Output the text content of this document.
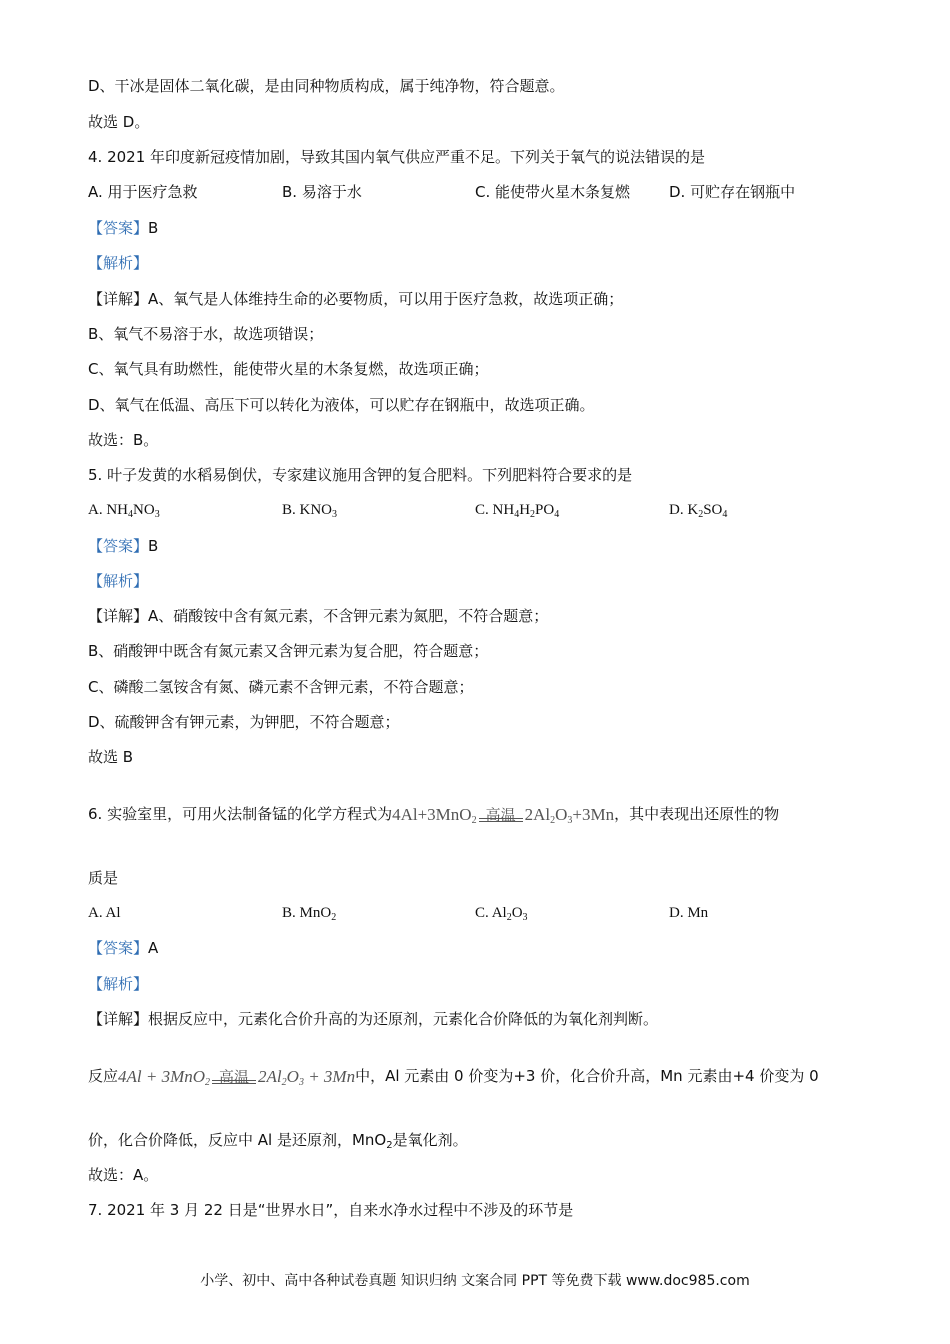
D、干冰是固体二氧化碳，是由同种物质构成，属于纯净物，符合题意。
故选 D。
4. 2021 年印度新冠疫情加剧，导致其国内氧气供应严重不足。下列关于氧气的说法错误的是
A. 用于医疗急救	B. 易溶于水	C. 能使带火星木条复燃	D. 可贮存在钢瓶中
【答案】B
【解析】
【详解】A、氧气是人体维持生命的必要物质，可以用于医疗急救，故选项正确；
B、氧气不易溶于水，故选项错误；
C、氧气具有助燃性，能使带火星的木条复燃，故选项正确；
D、氧气在低温、高压下可以转化为液体，可以贮存在钢瓶中，故选项正确。
故选：B。
5. 叶子发黄的水稻易倒伏，专家建议施用含钾的复合肥料。下列肥料符合要求的是
A. $NH_4NO_3$	B. $KNO_3$	C. $NH_4H_2PO_4$	D. $K_2SO_4$
【答案】B
【解析】
【详解】A、硝酸铵中含有氮元素，不含钾元素为氮肥，不符合题意；
B、硝酸钾中既含有氮元素又含钾元素为复合肥，符合题意；
C、磷酸二氢铵含有氮、磷元素不含钾元素，不符合题意；
D、硫酸钾含有钾元素，为钾肥，不符合题意；
故选 B
6. 实验室里，可用火法制备锰的化学方程式为4Al+3MnO$_2$ 高温 $2Al_2O_3+3Mn$，其中表现出还原性的物
质是
A. Al	B. MnO$_2$	C. $Al_2O_3$	D. Mn
【答案】A
【解析】
【详解】根据反应中，元素化合价升高的为还原剂，元素化合价降低的为氧化剂判断。
反应4Al + 3MnO$_2$ 高温 $2Al_2O_3 + 3Mn$中，Al 元素由 0 价变为+3 价，化合价升高，Mn 元素由+4 价变为 0
价，化合价降低，反应中 Al 是还原剂，MnO$_2$是氧化剂。
故选：A。
7. 2021 年 3 月 22 日是“世界水日”，自来水净水过程中不涉及的环节是
小学、初中、高中各种试卷真题 知识归纳 文案合同 PPT 等免费下载 www.doc985.com
